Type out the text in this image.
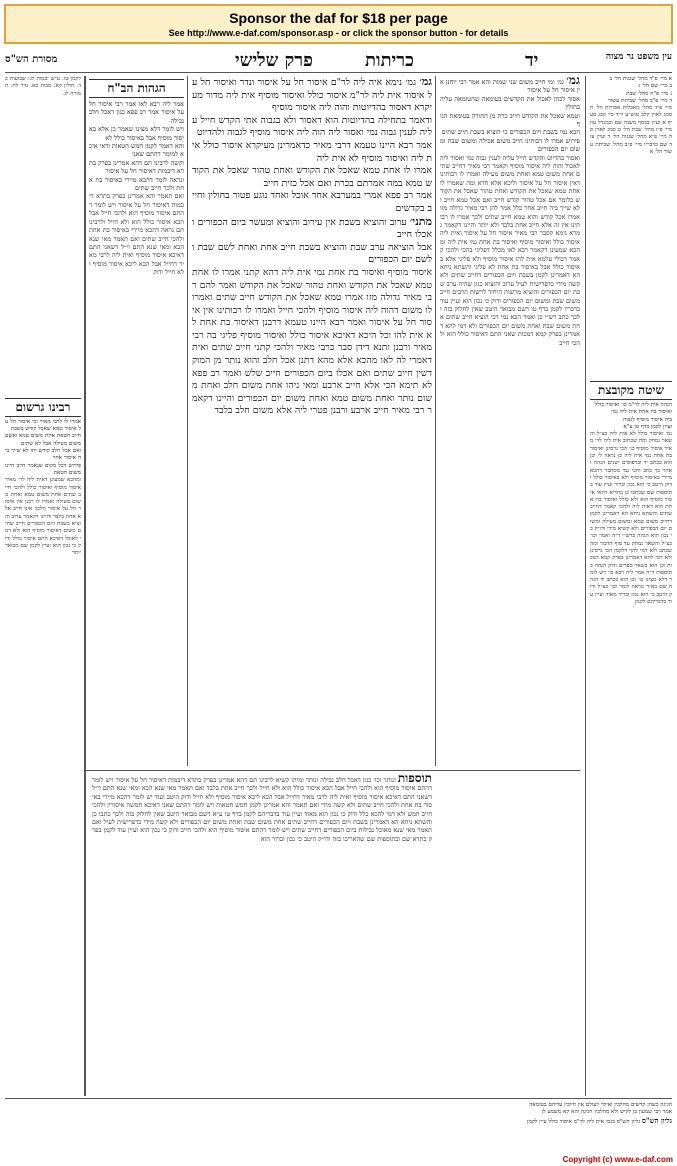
Sponsor the daf for $18 per page
See http://www.e-daf.com/sponsor.asp - or click the sponsor button - for details
עין משפט נר מצוה
יד
כריתות
פרק שלישי
מסורת הש"ס

א מיי׳ פ"ד מהל׳ שגגות הל׳ ב

ב מיי׳ שם הל׳ ג

ג מיי׳ פ"ח מהל׳ שבת

ד מיי׳ פ"ב מהל׳ שביתת עשור

מיי׳ פ״ד מהל׳ מאכלות אסורות הל׳ ח סמג לאוין קלב טוש״ע יו״ד סי׳ קכג סעיף א ועיין בכסף משנה שם ובמגדל עוז מיי׳ פ״ז מהל׳ שבת הל׳ ט סמג לאוין סה מיי׳ פ״א מהל׳ שגגות הל׳ ד ועיין עוד שם בדבריו מיי׳ פ״ב מהל׳ שביתת עשור הל׳ א

שיטה מקובצת

הגהה אית ליה לר"מ כו׳ ואיסור כולל

ואיסור בת אחת אית ליה נמי

ביה איסור מוסיף לגבוה

ועיין לקמן בדף טו ע"א

גמ׳ ואיסור כולל לא אית ליה כצ״ל והשאר נמחק ומה שכתוב אית ליה לר׳ מאיר איסור מוסיף כו׳ הכי גרסינן ואיסור בת אחת נמי אית ליה כן נראה לי וכן הוא בכתב יד ובדפוסים ישנים הגהה ואחר כך כתב והכי נמי מסתבר דהכא מיירי באיסור מוסיף ולא באיסור כולל ודוק היטב כי הוא נכון וברור ועיין עוד בתוספות שם שכתבו כן בהדיא דהאי איסור מוסיף הוא ולא כולל ואיסור בת אחת הוא דאית ליה ולהכי קאמר דחייב שתים והשתא ניחא הא דאמרינן לקמן דחייב משום טמא ומשום מעילה ומשום יום הכפורים ולא קשיא מידי ודו״ק כי נכון הוא הגהה ברש״י ד״ה ואמר וכו׳ כצ״ל והשאר נמחק עד סוף הדבור ומה שכתב ולא דמי להך דלקמן הכי גרסינן ולא דמי להא דאמרינן בפרק קמא דמכות וכן הוא בשאר ספרים ודוק הגהה בתוספות ד״ה אמר ליה רבא כו׳ ויש לומר דלא מצינו כו׳ וכן הוא בכתב יד הגהה שם בא״ד ונראה לומר וכו׳ כצ״ל ודוק היטב כי הוא נכון וברור מאוד ועיין עוד בדבריהם לקמן

גמ׳ גמ׳ ומי חייב משום שני שמות והא אמר רבי יוחנן אין איסור חל על איסור

אסור לכהן לאכול את הקדשים בטומאה שהטומאה עליה בחולין

וטמא שאכל את הקודש חייב כרת מן התורה בטומאת הגוף

הכא נמי בשבת ויום הכפורים כי הוציא בשבת חייב שתים

פירוש אמרו לו רבותינו חייב משום אכילה ומשום שבת ומשום יום הכפורים

ואסור בהדיוט והקדש חייל עליה לענין גבוה נמי ואסור ליה לאכול והוה ליה איסור מוסיף וקאמר רבי מאיר דחייב שתים אחת משום טמא ואחת משום מעילה ואמרו לו רבותינו דאין איסור חל על איסור וליכא אלא חדא ומה שאמרו לו אחת טמא שאכל את הקודש ואחת טהור שאכל את הקודש כלומר אם אכל טהור קודש חייב ואם אכל טמא חייב ולא שייך ביה חיוב אחר כלל אמר להן רבי מאיר גדולה מזו אמרו אכל קודש והוא טמא חייב שתים ולכך אמרו לו רבותינו אין זה אלא חייב אחת בלבד ולא יותר והיינו דקאמר גמרא נימא קסבר רבי מאיר איסור חל על איסור ואית ליה איסור כולל ואיסור מוסיף ואיסור בת אחת נמי אית ליה ומהכא שמעינן דקאמר רבא לאו מכלל דפליגי בהכי ולהכי קאמר דכולי עלמא אית להו איסור מוסיף ולא פליגי אלא באיסור כולל אבל באיסור בת אחת לא פליגי והשתא ניחא הא דאמרינן לקמן בשבת ויום הכפורים דחייב שתים ולא קשה מידי כדפרישית לעיל ערוב והוציא כגון שהיה ערב שבת יום הכפורים והוציא מרשות היחיד לרשות הרבים חייב משום שבת ומשום יום הכפורים ודוק כי נכון הוא ועיין עוד בדבריו לקמן בדף טו דשם מבואר היטב שאין לחלוק בזה ולכך כתב רש״י כן ואמר הכא נמי דכי הוציא חייב שתים אחת משום שבת ואחת משום יום הכפורים ולא דמי להא דאמרינן בפרק קמא דמכות שאני התם דאיסור כולל הוא ולהכי חייב

גמ׳ גמ׳ נימא איה ליה לר"ם איסור חל על איסור ונדר ואיסור חל על איסור אית ליה לר"מ איסור כולל ואיסור מוסיף אית ליה מדור מעיקרא דאסור בהדיוטות והוה ליה איסור מוסיף

ודאמר בתחילה בהדיוטות הוא דאסור ולא בגבוה אתי הקדש חייל עליה לענין גבוה נמי ואסור ליה הוה ליה איסור מוסיף לגבוה ולהדיוט

אמר רבא היינו טעמא דרבי מאיר כדאמרינן מעיקרא איסור כולל אית ליה ואיסור מוסיף לא אית ליה

אמרו לו אחת טמא שאכל את הקודש ואחת טהור שאכל את הקודש טמא במה אמרתם בכרת ואם אכל כזית חייב

אמר רב פפא אמרי במערבא אחד אוכל ואחד נוגע פטור בחולין וחייב בקדשים

מתני׳ ערוב והוציא בשבת אין עירוב והוציא ומעשר ביום הכפורים ואכלו חייב

אבל הוציאה ערב שבת והוציא בשבת חייב אחת ואחת לשם שבת ולשם יום הכפורים

איסור מוסיף ואיסור בת אחת נמי אית ליה דהא קתני אמרו לו אחת טמא שאכל את הקודש ואחת טהור שאכל את הקודש ואמר להם רבי מאיר גדולה מזו אמרו טמא שאכל את הקודש חייב שתים ואמרו לו משום דהוה ליה איסור מוסיף ולהכי חייל ואמרו לו רבותינו אין איסור חל על איסור ואמר רבא היינו טעמא דרבנן דאיסור בת אחת לא אית להו וכל היכא דאיכא איסור כולל ואיסור מוסיף פליגי בה רבי מאיר ורבנן ותנא דידן סבר כרבי מאיר ולהכי קתני חייב שתים ואית דאמרי לה לאו מהכא אלא מהא דתנן אכל חלב והוא נותר מן המוקדשין חייב שתים ואם אכלו ביום הכפורים חייב שלש ואמר רב פפא לא תימא הכי אלא חייב ארבע ומאי ניהו אחת משום חלב ואחת משום נותר ואחת משום טמא ואחת משום יום הכפורים והיינו דקאמר רבי מאיר חייב ארבע ורבנן פטרי ליה אלא משום חלב בלבד

הגהות הב"ח

אמר ליה רבא לאו אמר רבי איסור חל על איסור אמר רב פפא כגון דאכל חלב נבילה

ויש לומר דלא מצינו שאמר כן אלא באיסור מוסיף אבל באיסור כולל לא

והא דאמר לקמן חמש חטאות ודאי איכא למימר דהתם שאני

וקשה לרבינו תם דהא אמרינן בפרק בתרא דיבמות דאיסור חל על איסור

ונראה לומר דהכא מיירי באיסור בת אחת ולכך חייב שתים

ואם תאמר והא אמרינן בפרק בתרא דיבמות דאיסור חל על איסור ויש לומר דהתם איסור מוסיף הוא ולהכי חייל אבל הכא איסור כולל הוא ולא חייל ולרבינו תם נראה דהכא מיירי באיסור בת אחת ולהכי חייב שתים ואם תאמר מאי שנא הכא ומאי שנא התם וי״ל דשאני התם דאיכא איסור מוסיף ואית ליה לרבי מאיר דחייל אבל הכא ליכא איסור מוסיף ולא חייל ודוק

לקמן טו. ע״ש יבמות לג: שבועות כד. חולין קא: מכות כא. נזיר לח. תמורה לג.

רבינו גרשום

אמרו לו לרבי מאיר וכי איסור חל על איסור טמא שאכל קודש בשבת

חייב חטאת אחת משום טמא ואשם משום מעילה אבל לא שתים

ואם אכל חלב קודש ותו לא שייך ביה איסור אחר

פירוש דכל מקום שנאמר חייב היינו משום חטאת

ומהכא שמעינן דאית ליה לר׳ מאיר איסור מוסיף ואיסור כולל ולהכי חייב שתים אחת משום טמא ואחת משום מעילה ואמרו לו רבנן אין איסור חל על איסור הלכך אינו חייב אלא אחת בלבד והיינו דקאמר ערוב והוציא בשבת ויום הכפורים חייב שתים משום דאיסור מוסיף הוא ולא דמי לאוכל דאיכא התם איסור כולל ודוק כי נכון הוא ועיין לקמן שם מבואר יותר

תוספות ונותר וכו׳ כגון דאכל חלב נבילה ונותר ומיהו קשיא לרבינו תם דהא אמרינן בפרק בתרא דיבמות דאיסור חל על איסור ויש לומר דהתם איסור מוסיף הוא ולהכי חייל אבל הכא איסור כולל הוא ולא חייל ולכך חייב אחת בלבד ואם תאמר מאי שנא הכא ומאי שנא התם וי״ל דשאני התם דאיכא איסור מוסיף ואית ליה לרבי מאיר דחייל אבל הכא ליכא איסור מוסיף ולא חייל ודוק היטב ועוד יש לומר דהכא מיירי באיסור בת אחת ולהכי חייב שתים ולא קשה מידי ואם תאמר והא אמרינן לקמן חמש חטאות ויש לומר דהתם שאני דאיכא חמשה איסורין ולהכי חייב חמש ולא דמי להכא כלל ודוק כי נכון הוא מאוד ועיין עוד בדבריהם לקמן בדף טו ע״א דשם מבואר היטב שאין לחלוק בזה ולכך כתבו כן והשתא ניחא הא דאמרינן בשבת ויום הכפורים דחייב שתים אחת משום שבת ואחת משום יום הכפורים ולא קשה מידי כדפרישית לעיל ואם תאמר מאי שנא מאוכל נבילות ביום הכפורים דחייב שתים ויש לומר דהתם איסור מוסיף הוא ולהכי חייב ודוק כי נכון הוא ועיין עוד לקמן בפרק בתרא שם ובתוספות שם שהאריכו בזה ודו״ק היטב כי נכון וברור הוא

חגיגה כשהן קדשים מהלכין ואילך לעולם אין חייבין עליהם בטומאה

אמר רבי שמעון בן לקיש ולא מהלכין חגיגה והא קא משמע לן

גליון הש"ס גליון הש"ס בגמ׳ אית ליה לר"מ איסור כולל עיין לקמן

Copyright (c) www.e-daf.com
